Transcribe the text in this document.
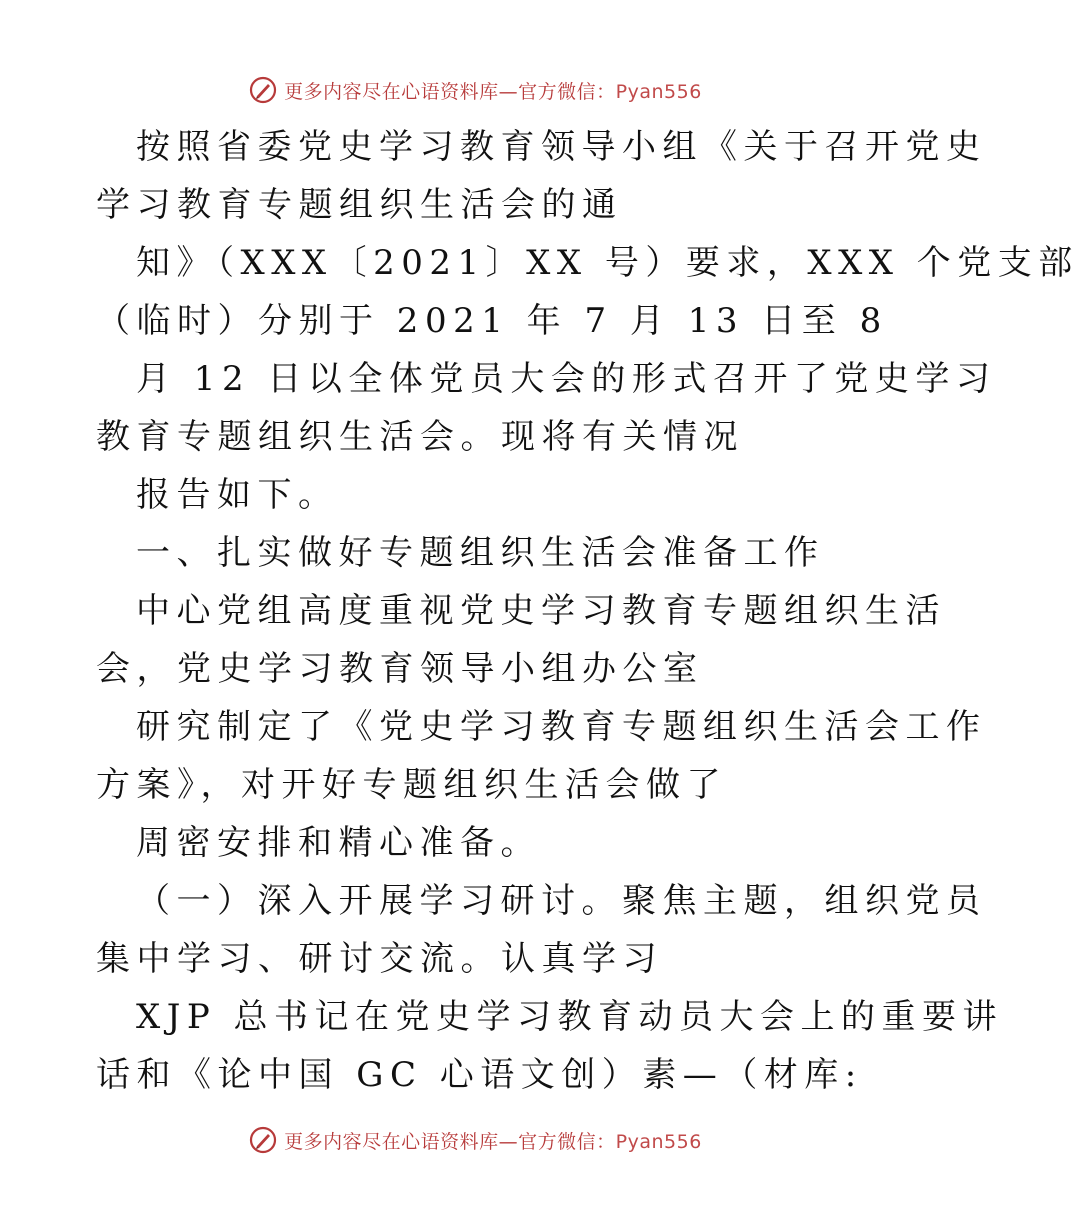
更多内容尽在心语资料库—官方微信：Pyan556
按照省委党史学习教育领导小组《关于召开党史
学习教育专题组织生活会的通
知》（XXX〔2021〕XX 号）要求，XXX 个党支部
（临时）分别于 2021 年 7 月 13 日至 8
月 12 日以全体党员大会的形式召开了党史学习
教育专题组织生活会。现将有关情况
报告如下。
一、扎实做好专题组织生活会准备工作
中心党组高度重视党史学习教育专题组织生活
会，党史学习教育领导小组办公室
研究制定了《党史学习教育专题组织生活会工作
方案》，对开好专题组织生活会做了
周密安排和精心准备。
（一）深入开展学习研讨。聚焦主题，组织党员
集中学习、研讨交流。认真学习
XJP 总书记在党史学习教育动员大会上的重要讲
话和《论中国 GC 心语文创）素—（材库:
更多内容尽在心语资料库—官方微信：Pyan556
